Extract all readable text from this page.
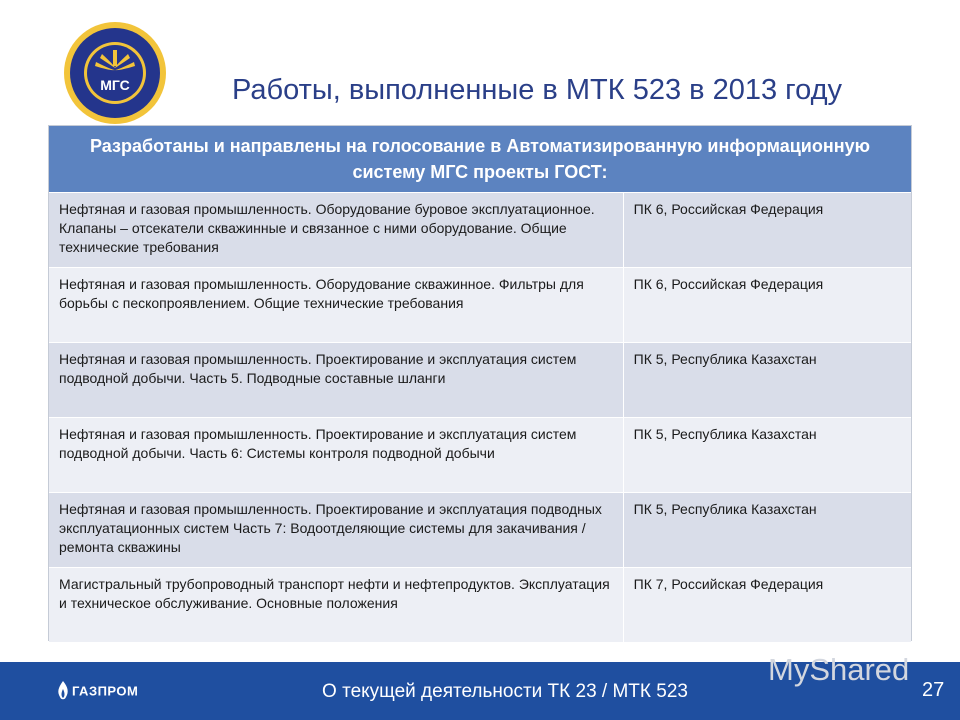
МГС	Работы, выполненные в МТК 523 в 2013 году
Разработаны и направлены на голосование в Автоматизированную информационную систему МГС проекты ГОСТ:
Нефтяная и газовая промышленность. Оборудование буровое эксплуатационное. Клапаны – отсекатели скважинные и связанное с ними оборудование. Общие технические требования
ПК 6, Российская Федерация
Нефтяная и газовая промышленность. Оборудование скважинное. Фильтры для борьбы с пескопроявлением. Общие технические требования
ПК 6, Российская Федерация
Нефтяная и газовая промышленность. Проектирование и эксплуатация систем подводной добычи. Часть 5. Подводные составные шланги
ПК 5, Республика Казахстан
Нефтяная и газовая промышленность. Проектирование и эксплуатация систем подводной добычи. Часть 6: Системы контроля подводной добычи
ПК 5, Республика Казахстан
Нефтяная и газовая промышленность. Проектирование и эксплуатация подводных эксплуатационных систем Часть 7: Водоотделяющие системы для закачивания / ремонта скважины
ПК 5, Республика Казахстан
Магистральный трубопроводный транспорт нефти и нефтепродуктов. Эксплуатация и техническое обслуживание. Основные положения
ПК 7, Российская Федерация
ГАЗПРОМ	О текущей деятельности ТК 23 / МТК 523	27
MyShared
